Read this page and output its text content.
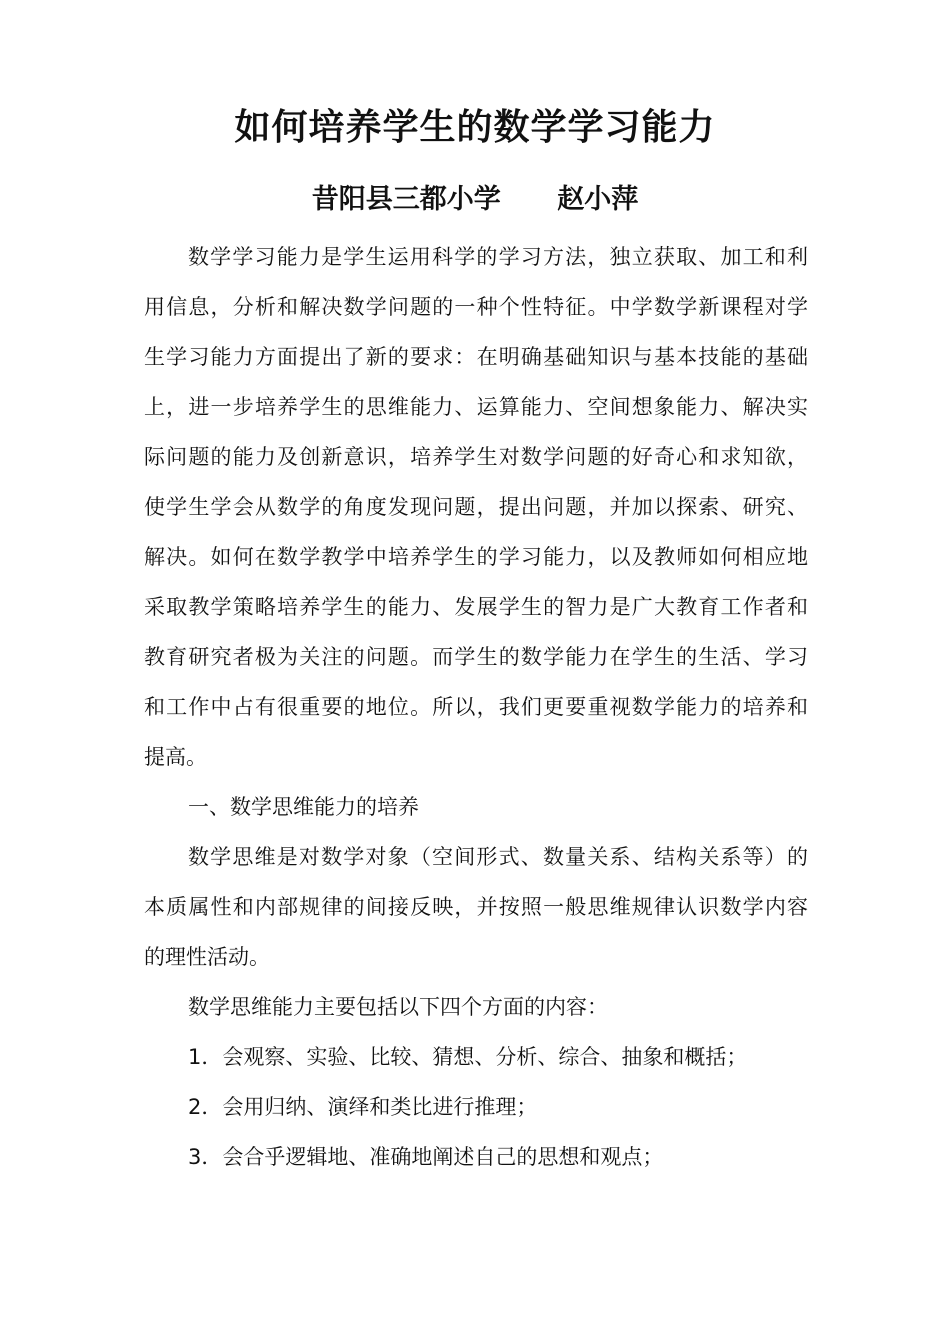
如何培养学生的数学学习能力
昔阳县三都小学      赵小萍
数学学习能力是学生运用科学的学习方法，独立获取、加工和利
用信息，分析和解决数学问题的一种个性特征。中学数学新课程对学
生学习能力方面提出了新的要求：在明确基础知识与基本技能的基础
上，进一步培养学生的思维能力、运算能力、空间想象能力、解决实
际问题的能力及创新意识，培养学生对数学问题的好奇心和求知欲，
使学生学会从数学的角度发现问题，提出问题，并加以探索、研究、
解决。如何在数学教学中培养学生的学习能力，以及教师如何相应地
采取教学策略培养学生的能力、发展学生的智力是广大教育工作者和
教育研究者极为关注的问题。而学生的数学能力在学生的生活、学习
和工作中占有很重要的地位。所以，我们更要重视数学能力的培养和
提高。
一、数学思维能力的培养
数学思维是对数学对象（空间形式、数量关系、结构关系等）的
本质属性和内部规律的间接反映，并按照一般思维规律认识数学内容
的理性活动。
数学思维能力主要包括以下四个方面的内容：
1．会观察、实验、比较、猜想、分析、综合、抽象和概括；
2．会用归纳、演绎和类比进行推理；
3．会合乎逻辑地、准确地阐述自己的思想和观点；
